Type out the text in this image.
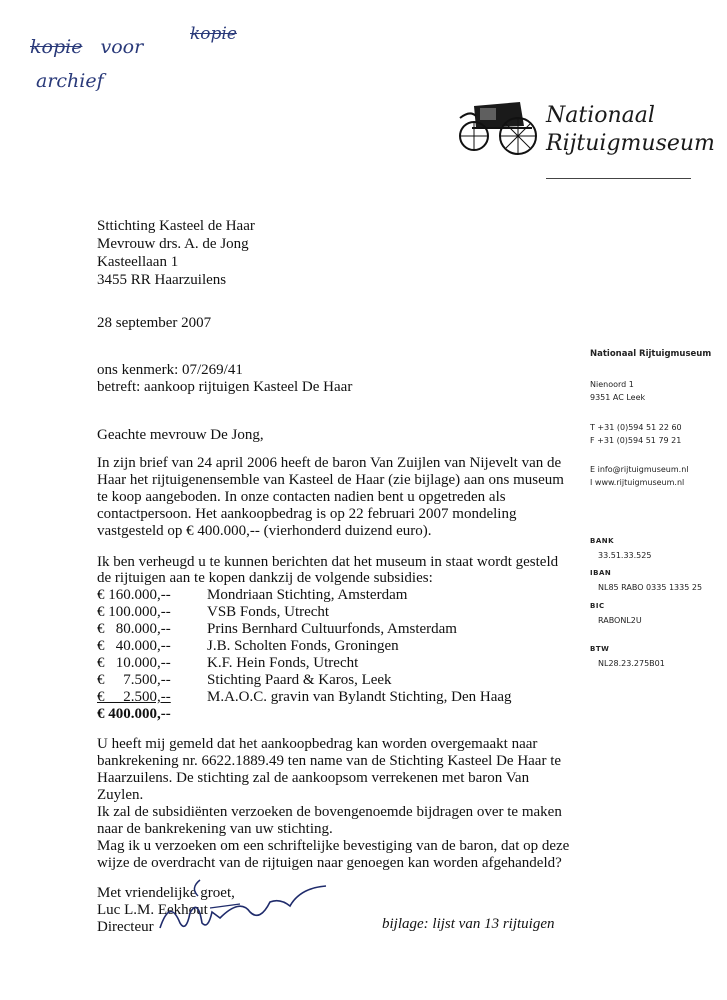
kopie voor
archief
kopie
Nationaal
Rijtuigmuseum
Sttichting Kasteel de Haar
Mevrouw drs. A. de Jong
Kasteellaan 1
3455 RR Haarzuilens
28 september 2007
ons kenmerk: 07/269/41
betreft: aankoop rijtuigen Kasteel De Haar
Geachte mevrouw De Jong,
In zijn brief van 24 april 2006 heeft de baron Van Zuijlen van Nijevelt van de
Haar het rijtuigenensemble van Kasteel de Haar (zie bijlage) aan ons museum
te koop aangeboden. In onze contacten nadien bent u opgetreden als
contactpersoon. Het aankoopbedrag is op 22 februari 2007 mondeling
vastgesteld op € 400.000,-- (vierhonderd duizend euro).
Ik ben verheugd u te kunnen berichten dat het museum in staat wordt gesteld
de rijtuigen aan te kopen dankzij de volgende subsidies:
€ 160.000,-- Mondriaan Stichting, Amsterdam
€ 100.000,-- VSB Fonds, Utrecht
€   80.000,-- Prins Bernhard Cultuurfonds, Amsterdam
€   40.000,-- J.B. Scholten Fonds, Groningen
€   10.000,-- K.F. Hein Fonds, Utrecht
€     7.500,-- Stichting Paard & Karos, Leek
€     2.500,-- M.A.O.C. gravin van Bylandt Stichting, Den Haag
€ 400.000,--
U heeft mij gemeld dat het aankoopbedrag kan worden overgemaakt naar
bankrekening nr. 6622.1889.49 ten name van de Stichting Kasteel De Haar te
Haarzuilens. De stichting zal de aankoopsom verrekenen met baron Van
Zuylen.
Ik zal de subsidiënten verzoeken de bovengenoemde bijdragen over te maken
naar de bankrekening van uw stichting.
Mag ik u verzoeken om een schriftelijke bevestiging van de baron, dat op deze
wijze de overdracht van de rijtuigen naar genoegen kan worden afgehandeld?
Met vriendelijke groet,
Luc L.M. Eekhout
Directeur	bijlage: lijst van 13 rijtuigen
Nationaal Rijtuigmuseum
Nienoord 1
9351 AC Leek
T +31 (0)594 51 22 60
F +31 (0)594 51 79 21
E info@rijtuigmuseum.nl
I www.rijtuigmuseum.nl
BANK
33.51.33.525
IBAN
NL85 RABO 0335 1335 25
BIC
RABONL2U
BTW
NL28.23.275B01
